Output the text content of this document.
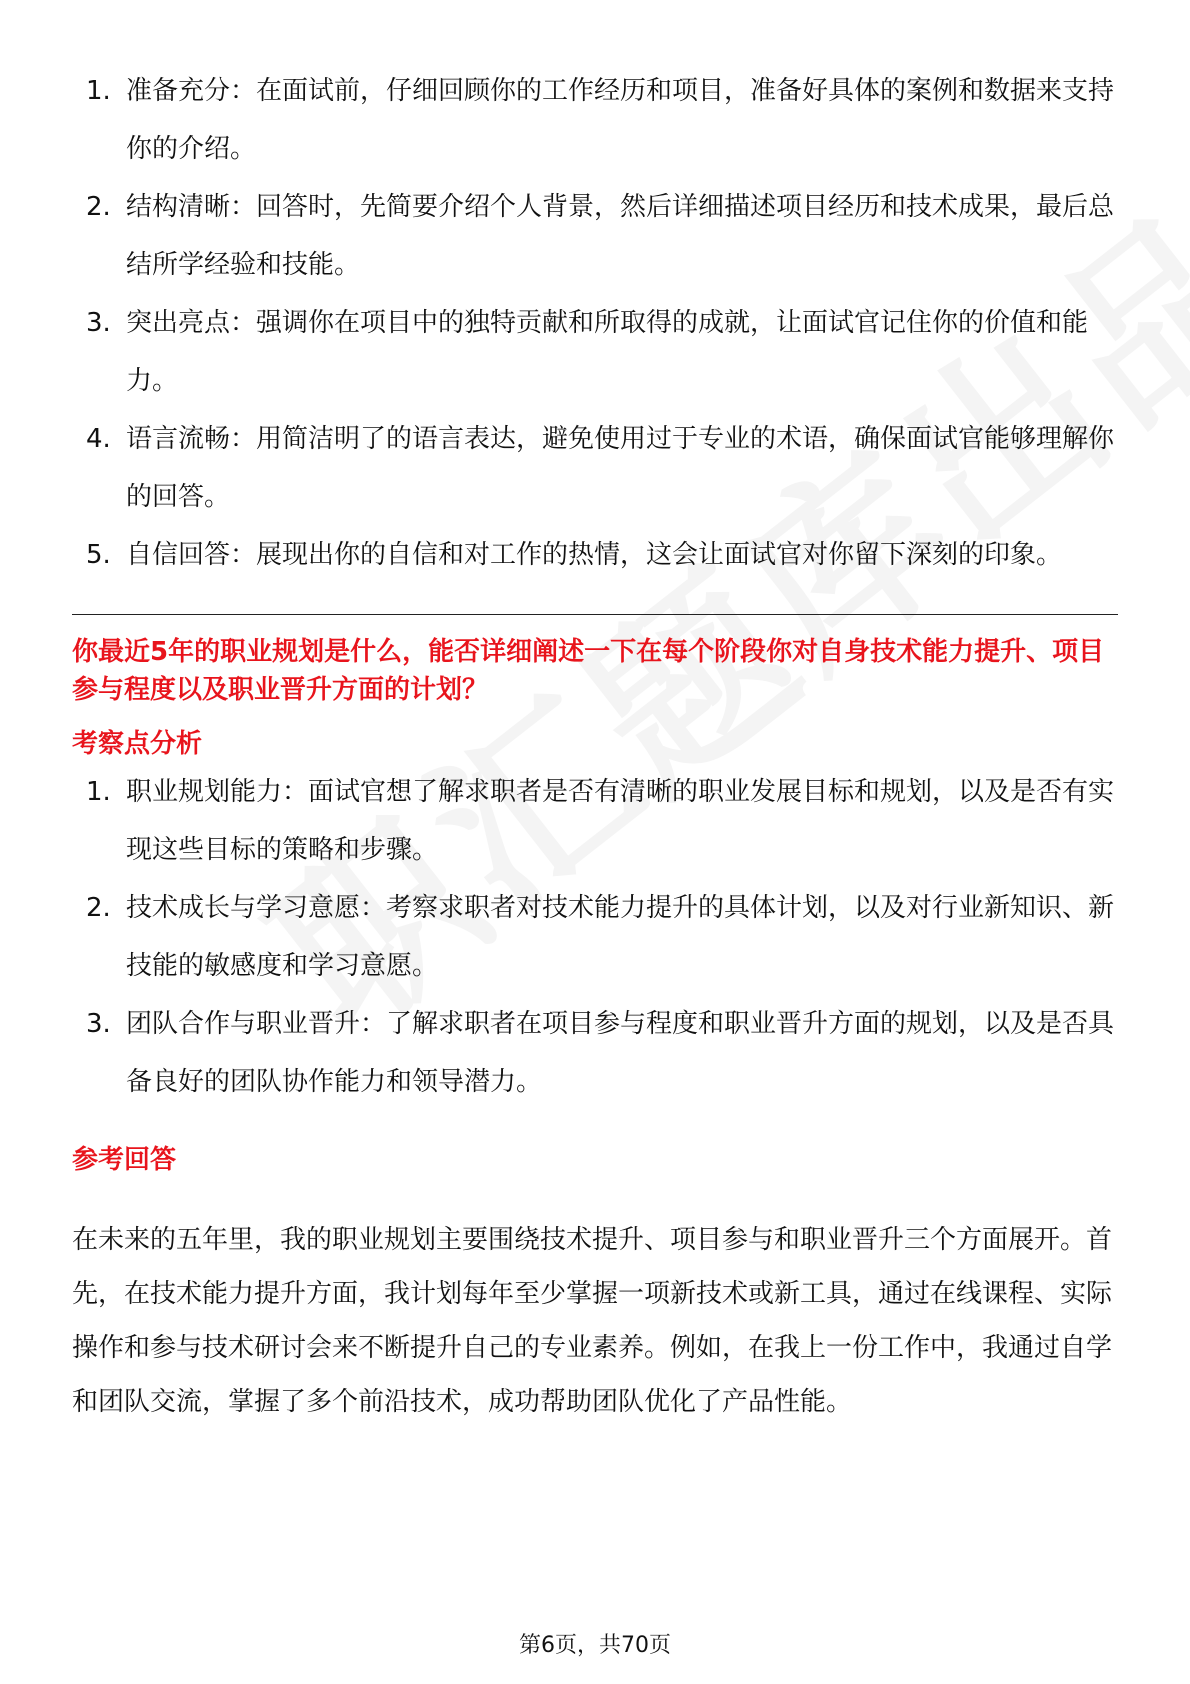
1. 准备充分：在面试前，仔细回顾你的工作经历和项目，准备好具体的案例和数据来支持你的介绍。
2. 结构清晰：回答时，先简要介绍个人背景，然后详细描述项目经历和技术成果，最后总结所学经验和技能。
3. 突出亮点：强调你在项目中的独特贡献和所取得的成就，让面试官记住你的价值和能力。
4. 语言流畅：用简洁明了的语言表达，避免使用过于专业的术语，确保面试官能够理解你的回答。
5. 自信回答：展现出你的自信和对工作的热情，这会让面试官对你留下深刻的印象。
你最近5年的职业规划是什么，能否详细阐述一下在每个阶段你对自身技术能力提升、项目参与程度以及职业晋升方面的计划？
考察点分析
1. 职业规划能力：面试官想了解求职者是否有清晰的职业发展目标和规划，以及是否有实现这些目标的策略和步骤。
2. 技术成长与学习意愿：考察求职者对技术能力提升的具体计划，以及对行业新知识、新技能的敏感度和学习意愿。
3. 团队合作与职业晋升：了解求职者在项目参与程度和职业晋升方面的规划，以及是否具备良好的团队协作能力和领导潜力。
参考回答
在未来的五年里，我的职业规划主要围绕技术提升、项目参与和职业晋升三个方面展开。首先，在技术能力提升方面，我计划每年至少掌握一项新技术或新工具，通过在线课程、实际操作和参与技术研讨会来不断提升自己的专业素养。例如，在我上一份工作中，我通过自学和团队交流，掌握了多个前沿技术，成功帮助团队优化了产品性能。
第6页，共70页
